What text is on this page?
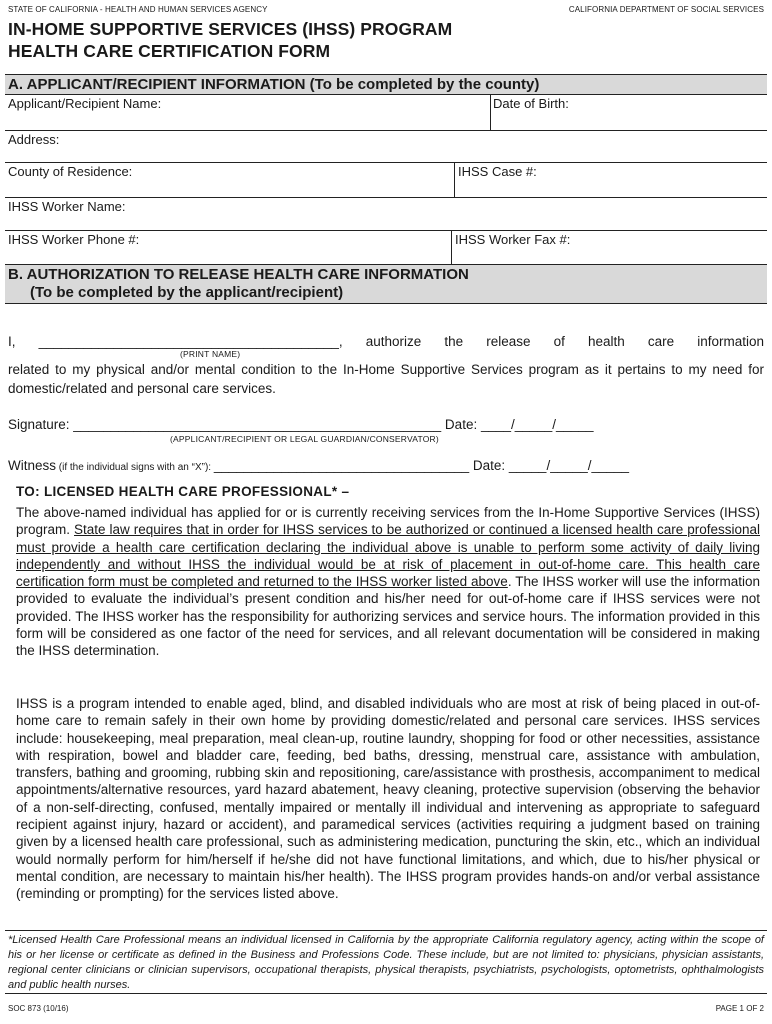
STATE OF CALIFORNIA - HEALTH AND HUMAN SERVICES AGENCY	CALIFORNIA DEPARTMENT OF SOCIAL SERVICES
IN-HOME SUPPORTIVE SERVICES (IHSS) PROGRAM
HEALTH CARE CERTIFICATION FORM
A. APPLICANT/RECIPIENT INFORMATION (To be completed by the county)
Applicant/Recipient Name:	Date of Birth:
Address:
County of Residence:	IHSS Case #:
IHSS Worker Name:
IHSS Worker Phone #:	IHSS Worker Fax #:
B. AUTHORIZATION TO RELEASE HEALTH CARE INFORMATION
(To be completed by the applicant/recipient)
I, ________________________________________, authorize the release of health care information
(PRINT NAME)
related to my physical and/or mental condition to the In-Home Supportive Services program as it pertains to my need for domestic/related and personal care services.
Signature: _________________________________________________ Date: ____/_____/_____
(APPLICANT/RECIPIENT OR LEGAL GUARDIAN/CONSERVATOR)
Witness (if the individual signs with an “X”): __________________________________ Date: _____/_____/_____
TO: LICENSED HEALTH CARE PROFESSIONAL* –
The above-named individual has applied for or is currently receiving services from the In-Home Supportive Services (IHSS) program. State law requires that in order for IHSS services to be authorized or continued a licensed health care professional must provide a health care certification declaring the individual above is unable to perform some activity of daily living independently and without IHSS the individual would be at risk of placement in out-of-home care. This health care certification form must be completed and returned to the IHSS worker listed above. The IHSS worker will use the information provided to evaluate the individual’s present condition and his/her need for out-of-home care if IHSS services were not provided. The IHSS worker has the responsibility for authorizing services and service hours. The information provided in this form will be considered as one factor of the need for services, and all relevant documentation will be considered in making the IHSS determination.
IHSS is a program intended to enable aged, blind, and disabled individuals who are most at risk of being placed in out-of-home care to remain safely in their own home by providing domestic/related and personal care services. IHSS services include: housekeeping, meal preparation, meal clean-up, routine laundry, shopping for food or other necessities, assistance with respiration, bowel and bladder care, feeding, bed baths, dressing, menstrual care, assistance with ambulation, transfers, bathing and grooming, rubbing skin and repositioning, care/assistance with prosthesis, accompaniment to medical appointments/alternative resources, yard hazard abatement, heavy cleaning, protective supervision (observing the behavior of a non-self-directing, confused, mentally impaired or mentally ill individual and intervening as appropriate to safeguard recipient against injury, hazard or accident), and paramedical services (activities requiring a judgment based on training given by a licensed health care professional, such as administering medication, puncturing the skin, etc., which an individual would normally perform for him/herself if he/she did not have functional limitations, and which, due to his/her physical or mental condition, are necessary to maintain his/her health). The IHSS program provides hands-on and/or verbal assistance (reminding or prompting) for the services listed above.
*Licensed Health Care Professional means an individual licensed in California by the appropriate California regulatory agency, acting within the scope of his or her license or certificate as defined in the Business and Professions Code. These include, but are not limited to: physicians, physician assistants, regional center clinicians or clinician supervisors, occupational therapists, physical therapists, psychiatrists, psychologists, optometrists, ophthalmologists and public health nurses.
SOC 873 (10/16)	PAGE 1 OF 2
